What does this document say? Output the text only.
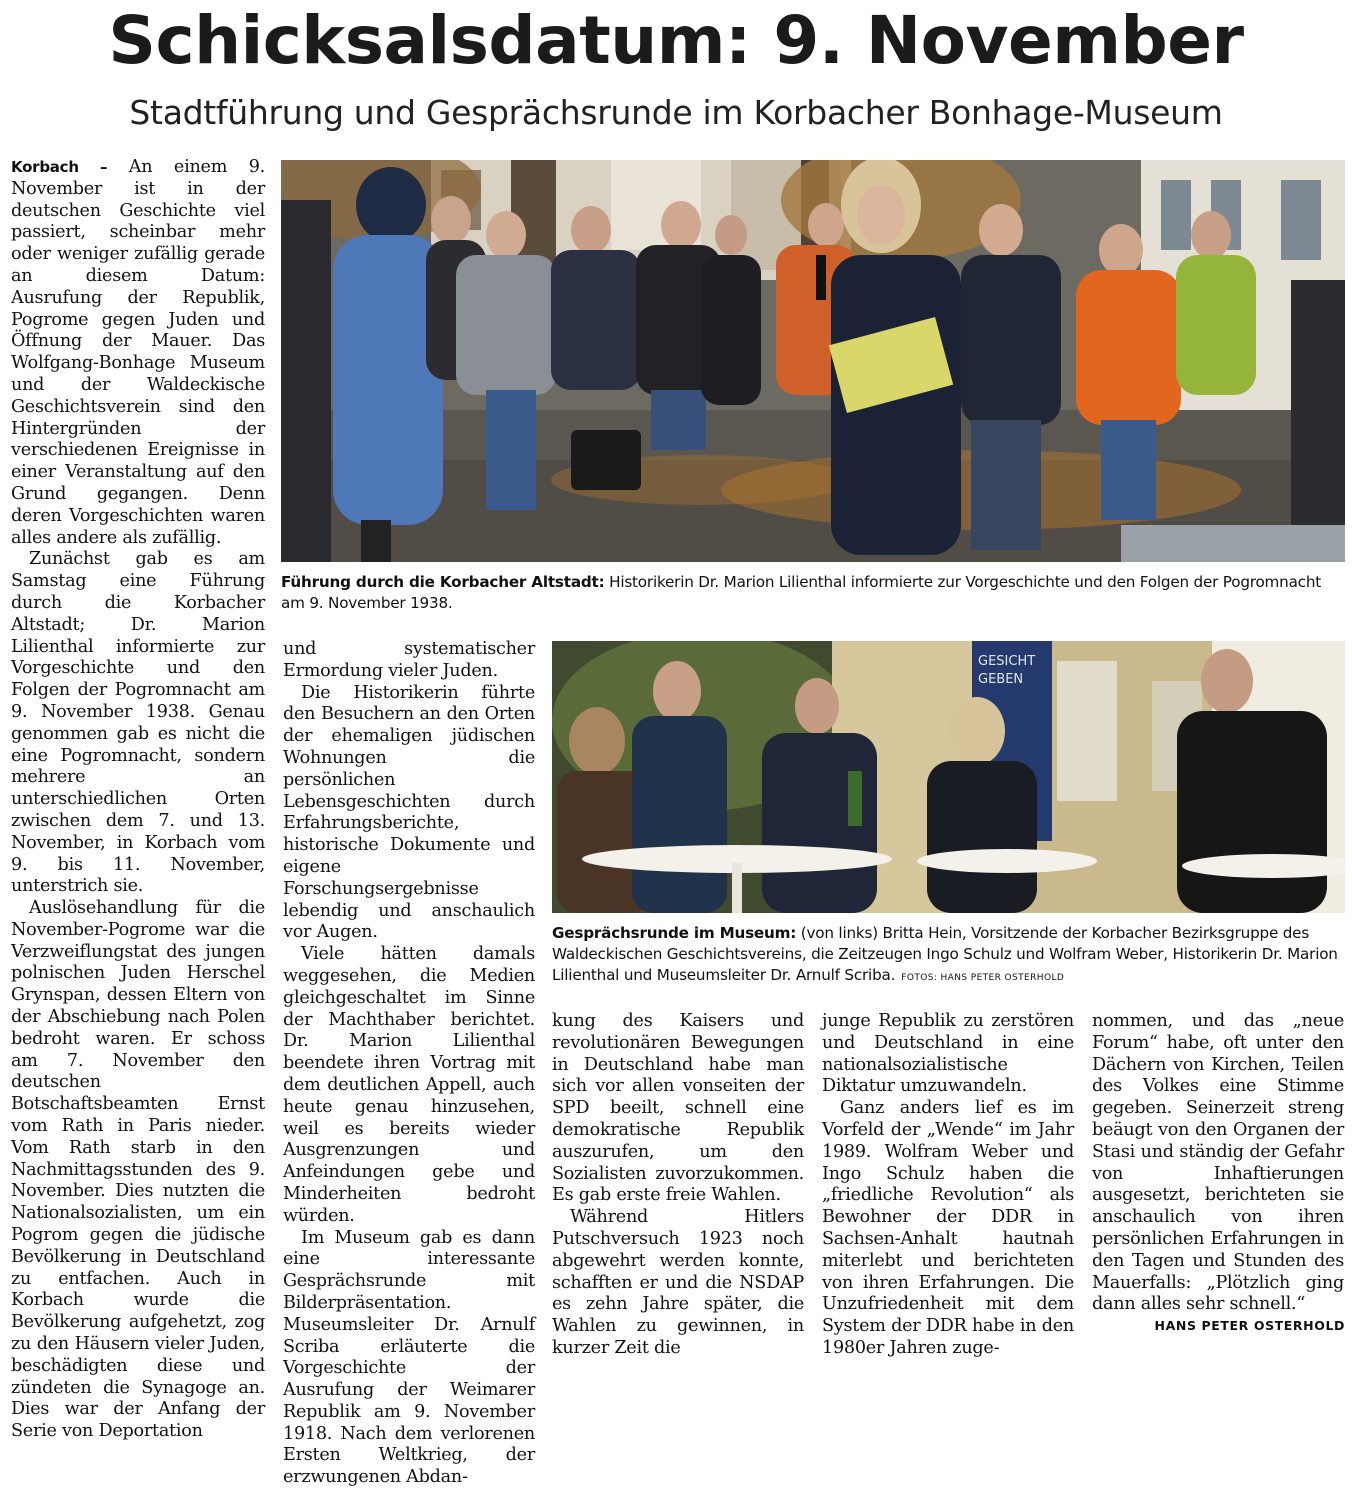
Schicksalsdatum: 9. November
Stadtführung und Gesprächsrunde im Korbacher Bonhage-Museum

Korbach – An einem 9. November ist in der deutschen Geschichte viel passiert, scheinbar mehr oder weniger zufällig gerade an diesem Datum: Ausrufung der Republik, Pogrome gegen Juden und Öffnung der Mauer. Das Wolfgang-Bonhage Museum und der Waldeckische Geschichtsverein sind den Hintergründen der verschiedenen Ereignisse in einer Veranstaltung auf den Grund gegangen. Denn deren Vorgeschichten waren alles andere als zufällig.

Zunächst gab es am Samstag eine Führung durch die Korbacher Altstadt; Dr. Marion Lilienthal informierte zur Vorgeschichte und den Folgen der Pogromnacht am 9. November 1938. Genau genommen gab es nicht die eine Pogromnacht, sondern mehrere an unterschiedlichen Orten zwischen dem 7. und 13. November, in Korbach vom 9. bis 11. November, unterstrich sie.

Auslösehandlung für die November-Pogrome war die Verzweiflungstat des jungen polnischen Juden Herschel Grynspan, dessen Eltern von der Abschiebung nach Polen bedroht waren. Er schoss am 7. November den deutschen Botschaftsbeamten Ernst vom Rath in Paris nieder. Vom Rath starb in den Nachmittagsstunden des 9. November. Dies nutzten die Nationalsozialisten, um ein Pogrom gegen die jüdische Bevölkerung in Deutschland zu entfachen. Auch in Korbach wurde die Bevölkerung aufgehetzt, zog zu den Häusern vieler Juden, beschädigten diese und zündeten die Synagoge an. Dies war der Anfang der Serie von Deportation

Führung durch die Korbacher Altstadt: Historikerin Dr. Marion Lilienthal informierte zur Vorgeschichte und den Folgen der Pogromnacht am 9. November 1938.

und systematischer Ermordung vieler Juden.

Die Historikerin führte den Besuchern an den Orten der ehemaligen jüdischen Wohnungen die persönlichen Lebensgeschichten durch Erfahrungsberichte, historische Dokumente und eigene Forschungsergebnisse lebendig und anschaulich vor Augen.

Viele hätten damals weggesehen, die Medien gleichgeschaltet im Sinne der Machthaber berichtet. Dr. Marion Lilienthal beendete ihren Vortrag mit dem deutlichen Appell, auch heute genau hinzusehen, weil es bereits wieder Ausgrenzungen und Anfeindungen gebe und Minderheiten bedroht würden.

Im Museum gab es dann eine interessante Gesprächsrunde mit Bilderpräsentation. Museumsleiter Dr. Arnulf Scriba erläuterte die Vorgeschichte der Ausrufung der Weimarer Republik am 9. November 1918. Nach dem verlorenen Ersten Weltkrieg, der erzwungenen Abdan-

GESICHT
GEBEN
Gesprächsrunde im Museum: (von links) Britta Hein, Vorsitzende der Korbacher Bezirksgruppe des Waldeckischen Geschichtsvereins, die Zeitzeugen Ingo Schulz und Wolfram Weber, Historikerin Dr. Marion Lilienthal und Museumsleiter Dr. Arnulf Scriba. FOTOS: HANS PETER OSTERHOLD

kung des Kaisers und revolutionären Bewegungen in Deutschland habe man sich vor allen vonseiten der SPD beeilt, schnell eine demokratische Republik auszurufen, um den Sozialisten zuvorzukommen. Es gab erste freie Wahlen.

Während Hitlers Putschversuch 1923 noch abgewehrt werden konnte, schafften er und die NSDAP es zehn Jahre später, die Wahlen zu gewinnen, in kurzer Zeit die

junge Republik zu zerstören und Deutschland in eine nationalsozialistische Diktatur umzuwandeln.

Ganz anders lief es im Vorfeld der „Wende“ im Jahr 1989. Wolfram Weber und Ingo Schulz haben die „friedliche Revolution“ als Bewohner der DDR in Sachsen-Anhalt hautnah miterlebt und berichteten von ihren Erfahrungen. Die Unzufriedenheit mit dem System der DDR habe in den 1980er Jahren zuge-

nommen, und das „neue Forum“ habe, oft unter den Dächern von Kirchen, Teilen des Volkes eine Stimme gegeben. Seinerzeit streng beäugt von den Organen der Stasi und ständig der Gefahr von Inhaftierungen ausgesetzt, berichteten sie anschaulich von ihren persönlichen Erfahrungen in den Tagen und Stunden des Mauerfalls: „Plötzlich ging dann alles sehr schnell.“

HANS PETER OSTERHOLD
